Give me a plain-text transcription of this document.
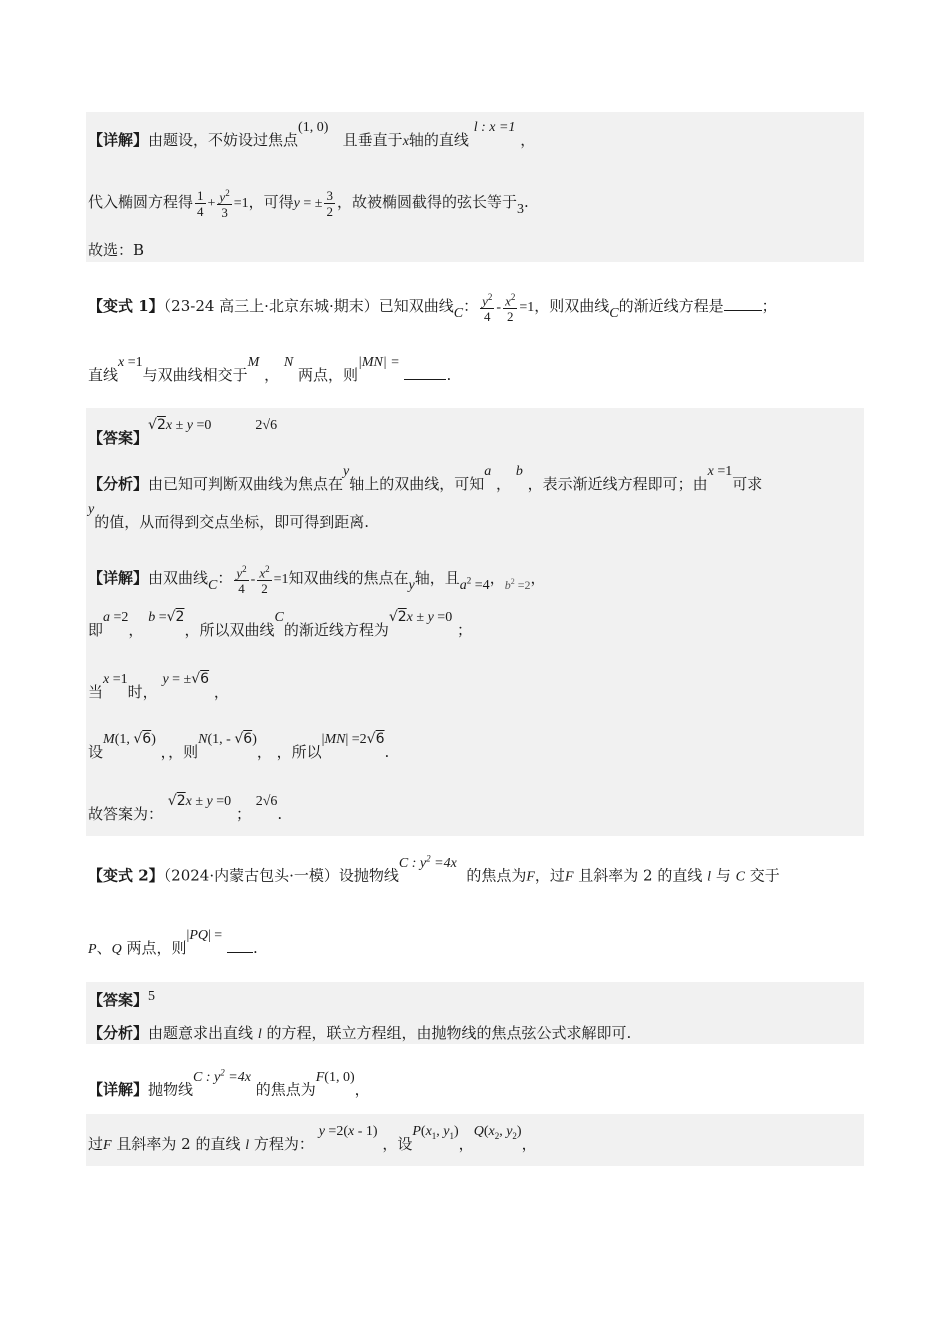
【详解】由题设，不妨设过焦点(1, 0)   且垂直于x轴的直线 l : x =1 ，
代入椭圆方程得 $\frac{1}{4} + \frac{y^2}{3} =1$，可得y = ± $\frac{3}{2}$ ，故被椭圆截得的弦长等于3.
故选：B
【变式 1】（23-24 高三上·北京东城·期末）已知双曲线C： $\frac{y^2}{4} - \frac{x^2}{2} =1$，则双曲线C的渐近线方程是	；
直线x =1与双曲线相交于M ， N 两点，则|MN| = .
【答案】√2x ± y =0	2√6
【分析】由已知可判断双曲线为焦点在y轴上的双曲线，可知a ， b ，表示渐近线方程即可；由x =1可求
y的值，从而得到交点坐标，即可得到距离.
【详解】由双曲线C： $\frac{y^2}{4} - \frac{x^2}{2} =1$知双曲线的焦点在y轴，且$a^2 =4$，$_{b^2 =2}$，
即a =2， b =√2，所以双曲线C的渐近线方程为√2x ± y =0 ；
当x =1时， y = ±√6 ，
设M(1, √6) ，，则N(1, - √6)， ，所以|MN| =2√6.
故答案为： √2x ± y =0 ； 2√6.
【变式 2】（2024·内蒙古包头·一模）设抛物线C : $y^2 =4x$  的焦点为F，过F 且斜率为 2 的直线 l 与 C 交于
P、Q 两点，则|PQ| = .
【答案】5
【分析】由题意求出直线 l 的方程，联立方程组，由抛物线的焦点弦公式求解即可.
【详解】抛物线C : $y^2 =4x$ 的焦点为F(1, 0)，
过F 且斜率为 2 的直线 l 方程为： y =2(x - 1) ，设$P(x_1$, $y_1$)，$Q(x_2$, $y_2$)，
